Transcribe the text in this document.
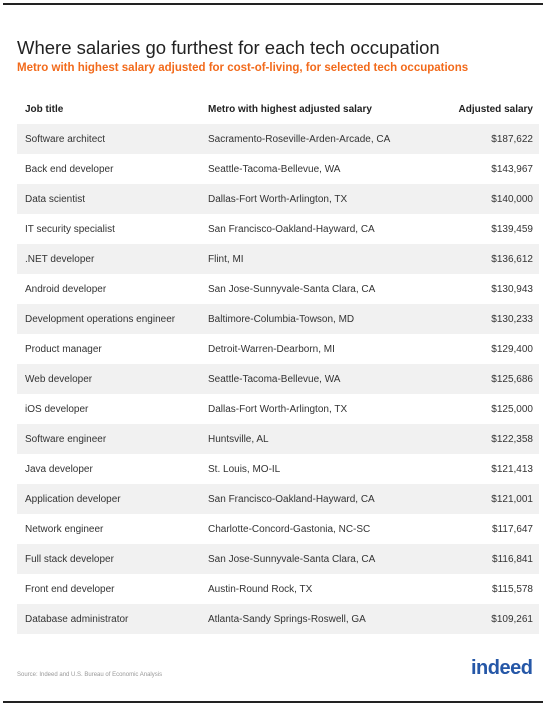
Where salaries go furthest for each tech occupation
Metro with highest salary adjusted for cost-of-living, for selected tech occupations
Job title	Metro with highest adjusted salary	Adjusted salary
Software architect	Sacramento-Roseville-Arden-Arcade, CA	$187,622
Back end developer	Seattle-Tacoma-Bellevue, WA	$143,967
Data scientist	Dallas-Fort Worth-Arlington, TX	$140,000
IT security specialist	San Francisco-Oakland-Hayward, CA	$139,459
.NET developer	Flint, MI	$136,612
Android developer	San Jose-Sunnyvale-Santa Clara, CA	$130,943
Development operations engineer	Baltimore-Columbia-Towson, MD	$130,233
Product manager	Detroit-Warren-Dearborn, MI	$129,400
Web developer	Seattle-Tacoma-Bellevue, WA	$125,686
iOS developer	Dallas-Fort Worth-Arlington, TX	$125,000
Software engineer	Huntsville, AL	$122,358
Java developer	St. Louis, MO-IL	$121,413
Application developer	San Francisco-Oakland-Hayward, CA	$121,001
Network engineer	Charlotte-Concord-Gastonia, NC-SC	$117,647
Full stack developer	San Jose-Sunnyvale-Santa Clara, CA	$116,841
Front end developer	Austin-Round Rock, TX	$115,578
Database administrator	Atlanta-Sandy Springs-Roswell, GA	$109,261
Source: Indeed and U.S. Bureau of Economic Analysis	indeed
